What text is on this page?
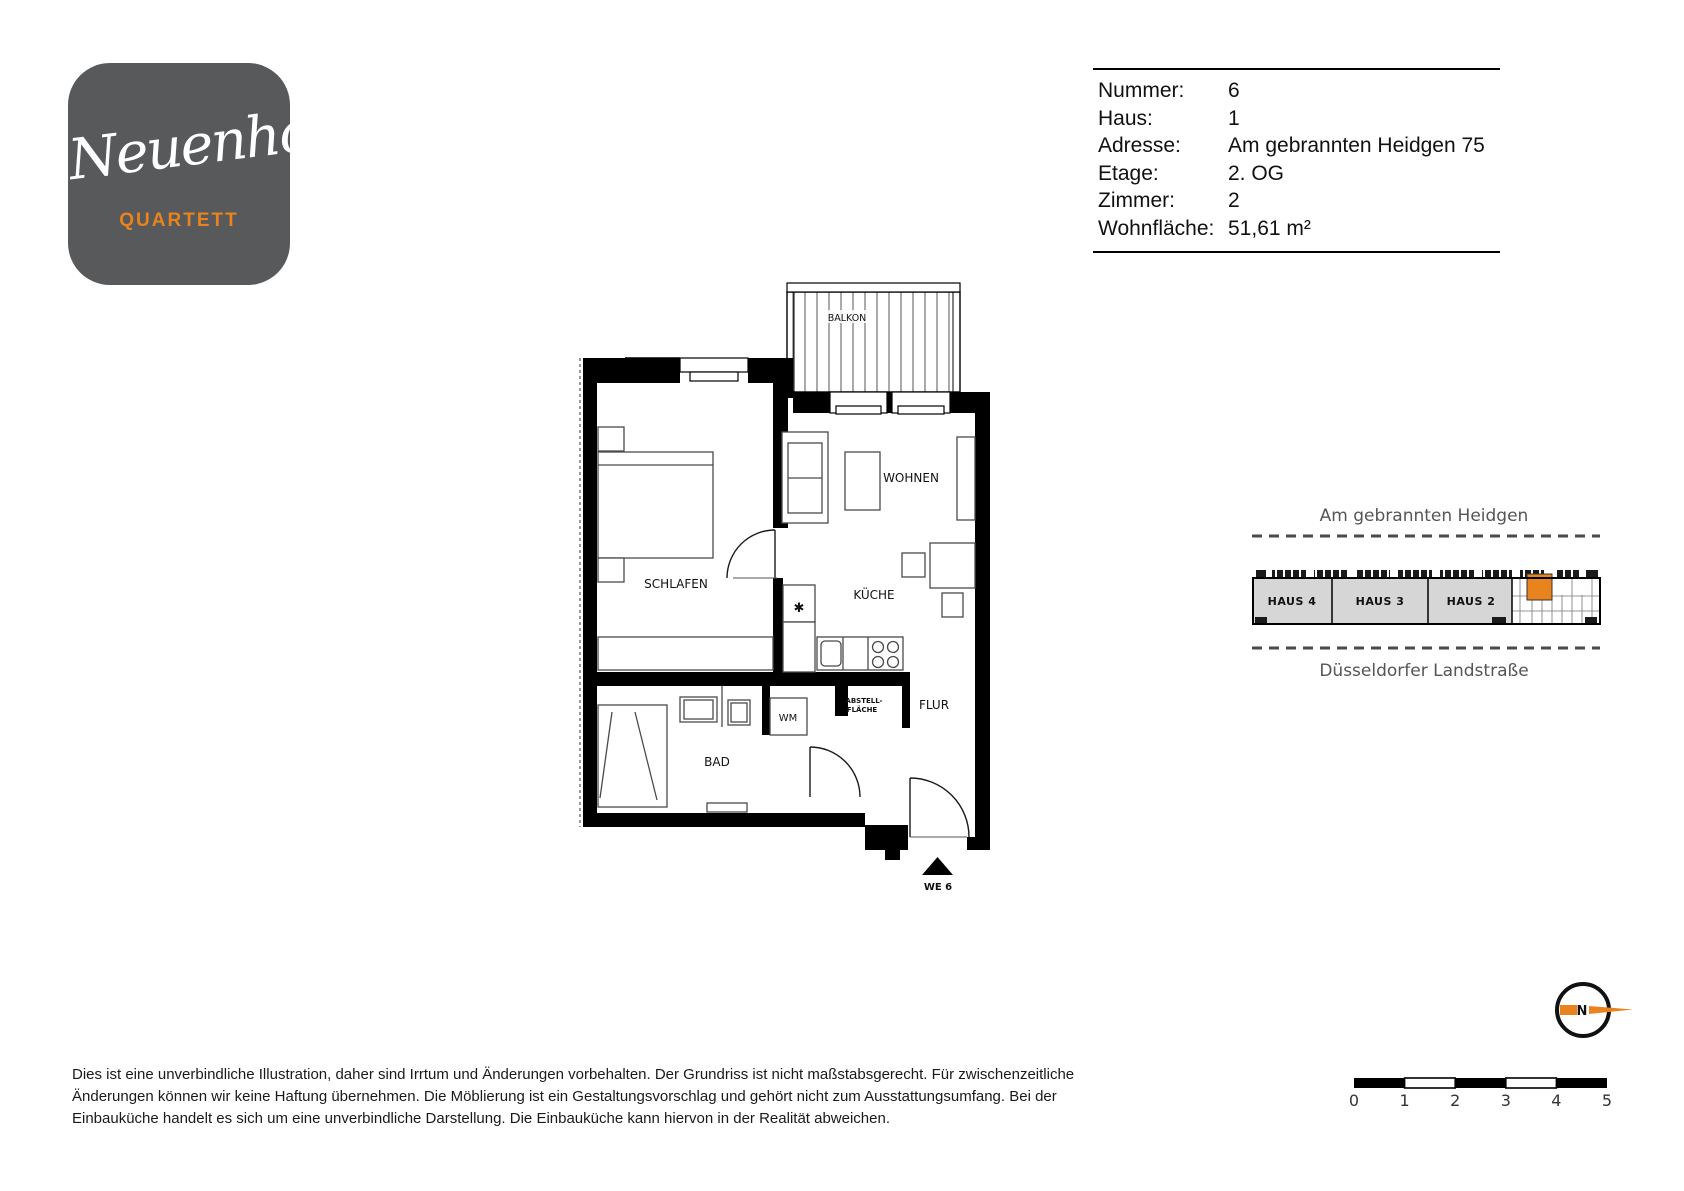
Neuenhof
QUARTETT
Nummer:	6
Haus:	1
Adresse:	Am gebrannten Heidgen 75
Etage:	2. OG
Zimmer:	2
Wohnfläche: 51,61 m²
BALKON
SCHLAFEN
WOHNEN
KÜCHE
BAD
FLUR
ABSTELL-
FLÄCHE
WM
✱
WE 6
Am gebrannten Heidgen
HAUS 4	HAUS 3	HAUS 2
Düsseldorfer Landstraße
N
0	1	2	3	4	5
Dies ist eine unverbindliche Illustration, daher sind Irrtum und Änderungen vorbehalten. Der Grundriss ist nicht maßstabsgerecht. Für zwischenzeitliche
Änderungen können wir keine Haftung übernehmen. Die Möblierung ist ein Gestaltungsvorschlag und gehört nicht zum Ausstattungsumfang. Bei der
Einbauküche handelt es sich um eine unverbindliche Darstellung. Die Einbauküche kann hiervon in der Realität abweichen.
